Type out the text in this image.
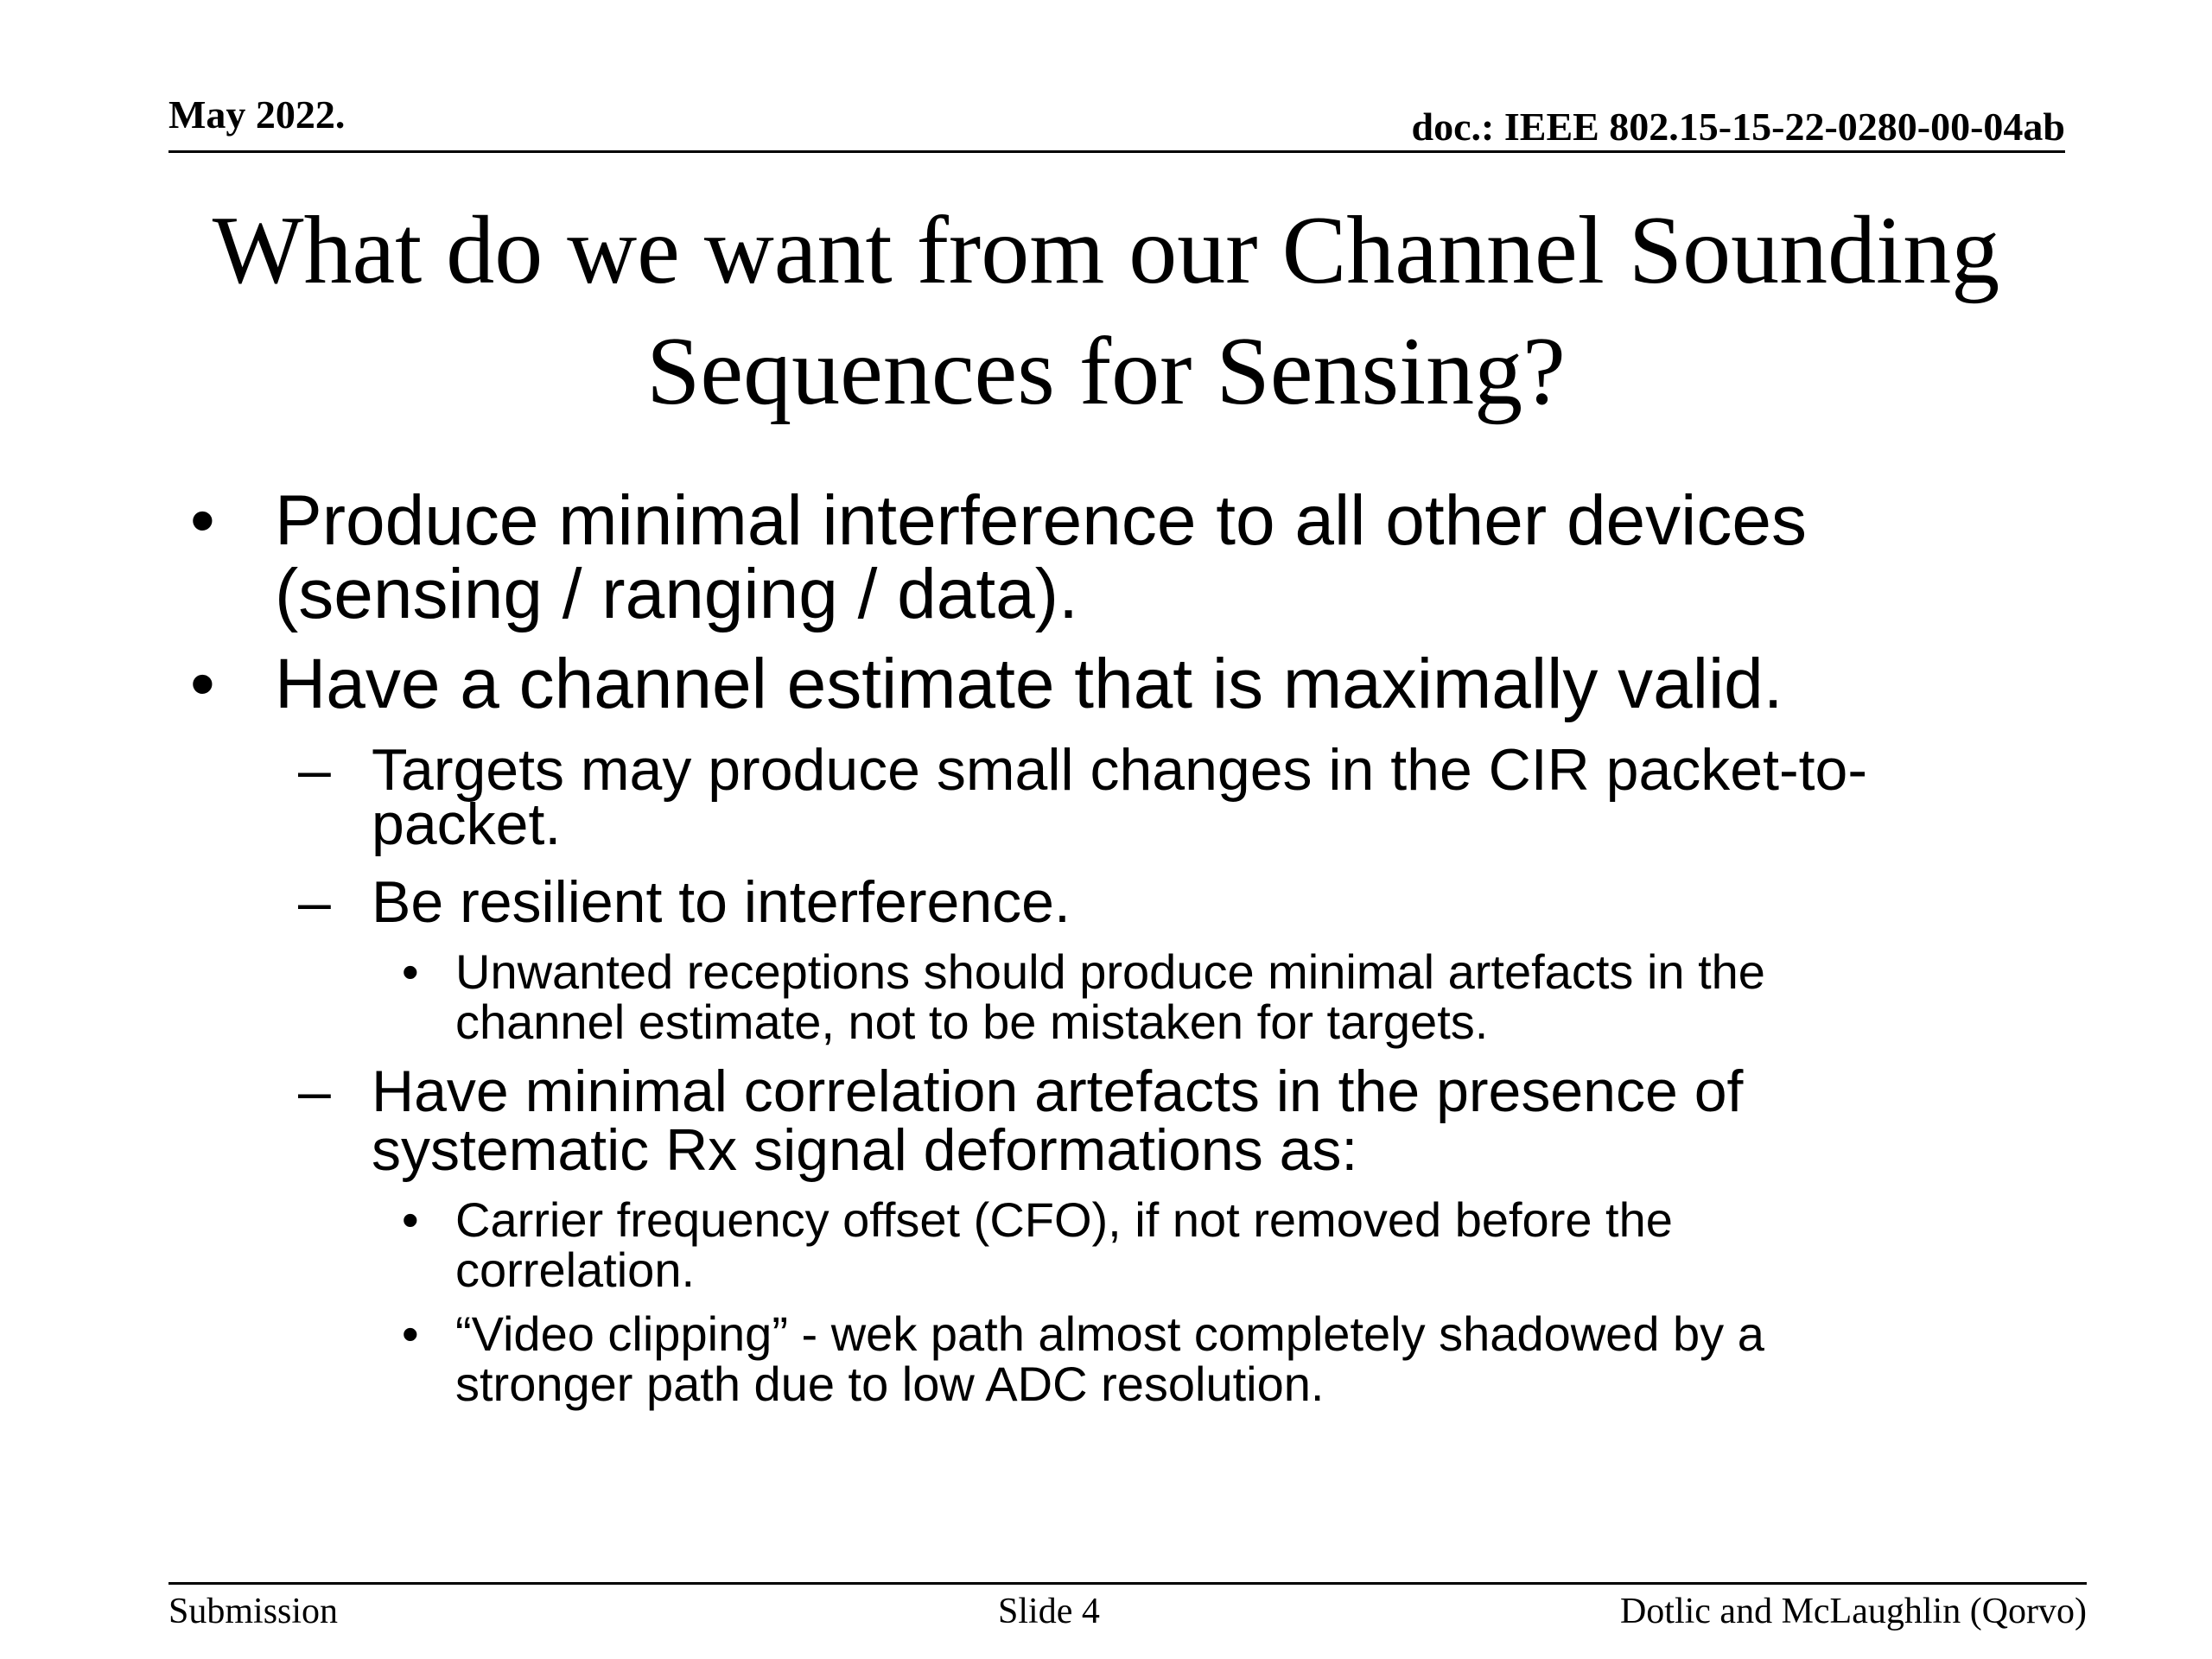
May 2022.	doc.: IEEE 802.15-15-22-0280-00-04ab
What do we want from our Channel Sounding Sequences for Sensing?
• Produce minimal interference to all other devices
(sensing / ranging / data).
• Have a channel estimate that is maximally valid.
– Targets may produce small changes in the CIR packet-to-
packet.
– Be resilient to interference.
• Unwanted receptions should produce minimal artefacts in the
channel estimate, not to be mistaken for targets.
– Have minimal correlation artefacts in the presence of
systematic Rx signal deformations as:
• Carrier frequency offset (CFO), if not removed before the
correlation.
• “Video clipping” - wek path almost completely shadowed by a
stronger path due to low ADC resolution.
Submission	Slide 4	Dotlic and McLaughlin (Qorvo)
